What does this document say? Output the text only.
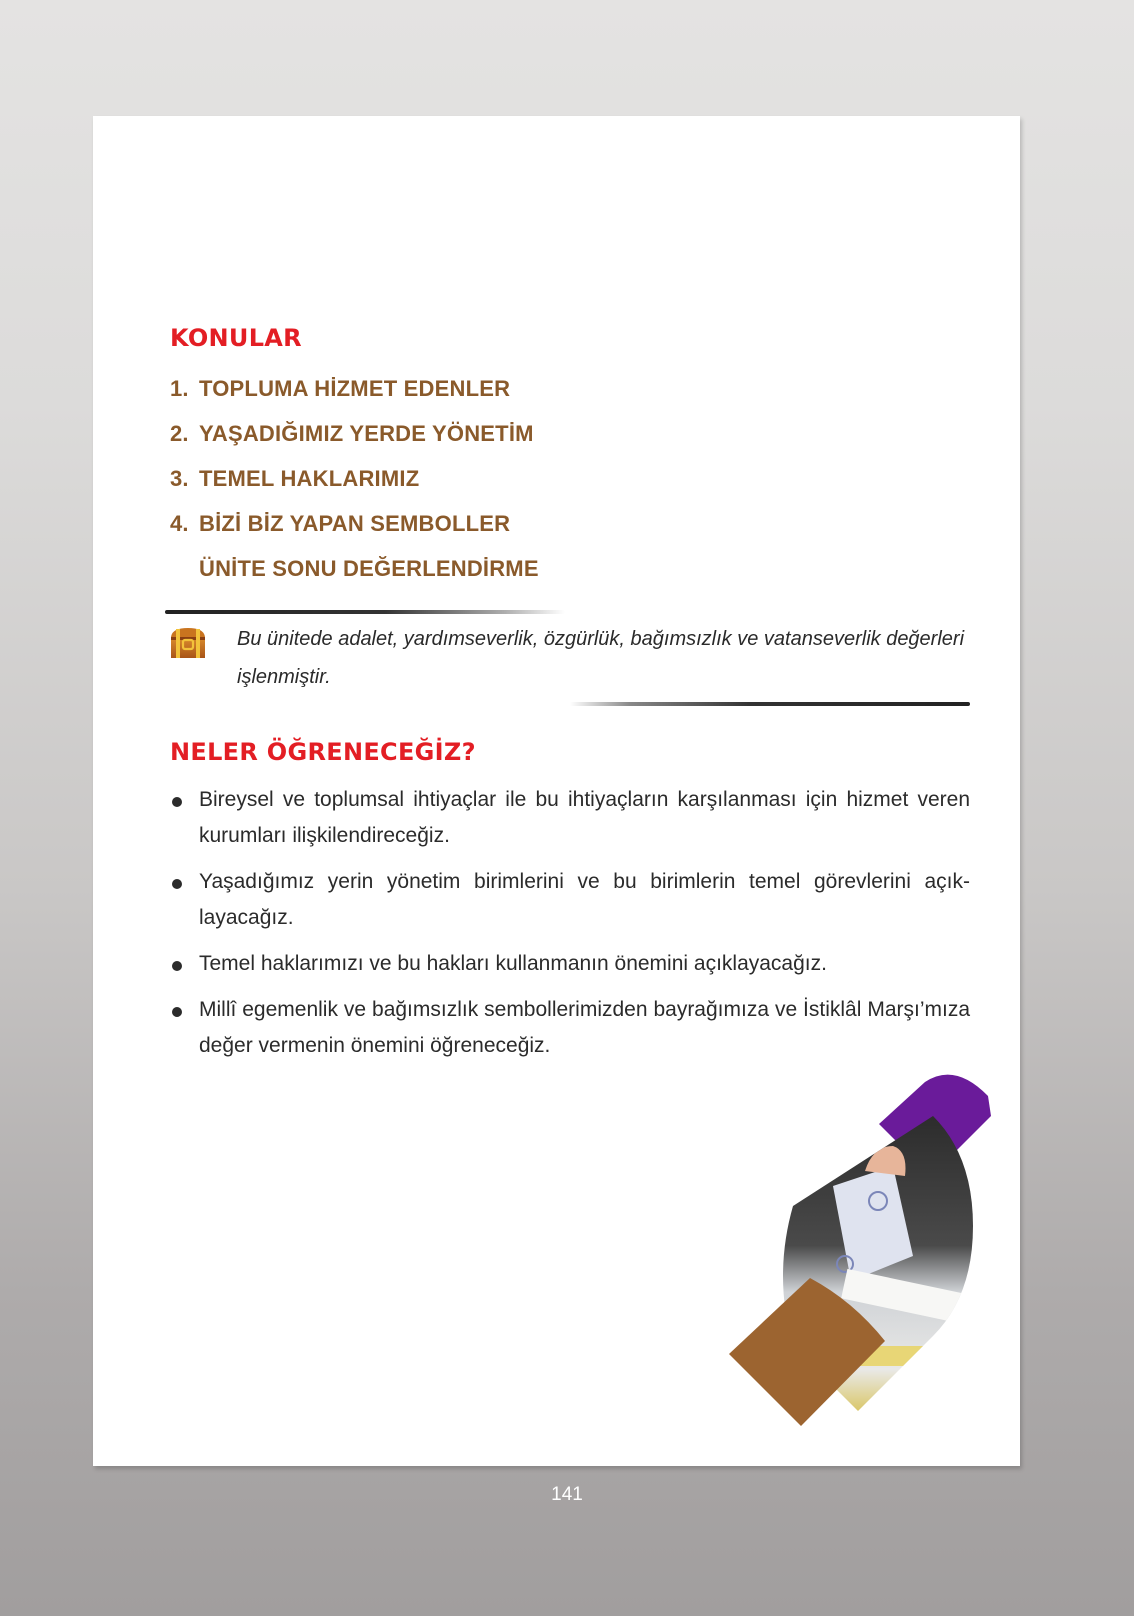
KONULAR
1. TOPLUMA HİZMET EDENLER
2. YAŞADIĞIMIZ YERDE YÖNETİM
3. TEMEL HAKLARIMIZ
4. BİZİ BİZ YAPAN SEMBOLLER
ÜNİTE SONU DEĞERLENDİRME
Bu ünitede adalet, yardımseverlik, özgürlük, bağımsızlık ve vatanseverlik değerleri işlenmiştir.
NELER ÖĞRENECEĞİZ?
Bireysel ve toplumsal ihtiyaçlar ile bu ihtiyaçların karşılanması için hizmet veren kurumları ilişkilendireceğiz.
Yaşadığımız yerin yönetim birimlerini ve bu birimlerin temel görevlerini açık-layacağız.
Temel haklarımızı ve bu hakları kullanmanın önemini açıklayacağız.
Millî egemenlik ve bağımsızlık sembollerimizden bayrağımıza ve İstiklâl Marşı’mıza değer vermenin önemini öğreneceğiz.
141
